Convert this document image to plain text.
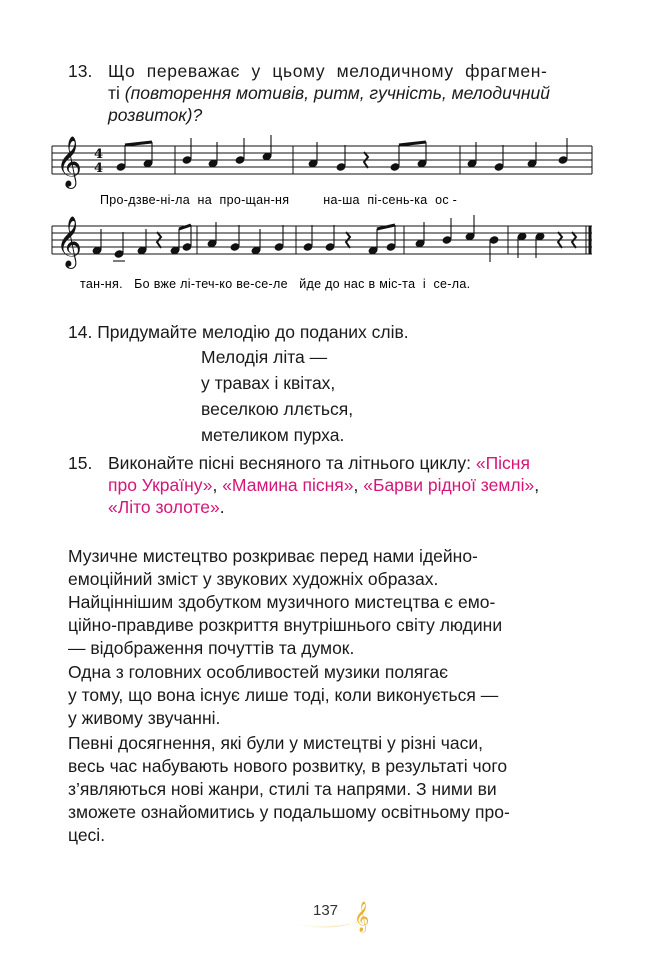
13. Що переважає у цьому мелодичному фрагмен-
ті (повторення мотивів, ритм, гучність, мелодичний
розвиток)?
𝄞 4
4
Про-дзве-ні-ла  на  про-щан-ня         на-ша  пі-сень-ка  ос -
𝄞
тан-ня.   Бо вже лі-теч-ко ве-се-ле   йде до нас в міс-та  і  се-ла.
14. Придумайте мелодію до поданих слів.
Мелодія літа —
у травах і квітах,
веселкою ллється,
метеликом пурха.
15. Виконайте пісні весняного та літнього циклу: «Пісня
про Україну», «Мамина пісня», «Барви рідної землі»,
«Літо золоте».
Музичне мистецтво розкриває перед нами ідейно-
емоційний зміст у звукових художніх образах.
Найціннішим здобутком музичного мистецтва є емо-
ційно-правдиве розкриття внутрішнього світу людини
— відображення почуттів та думок.
Одна з головних особливостей музики полягає
у тому, що вона існує лише тоді, коли виконується —
у живому звучанні.
Певні досягнення, які були у мистецтві у різні часи,
весь час набувають нового розвитку, в результаті чого
з’являються нові жанри, стилі та напрями. З ними ви
зможете ознайомитись у подальшому освітньому про-
цесі.
𝄞
137
